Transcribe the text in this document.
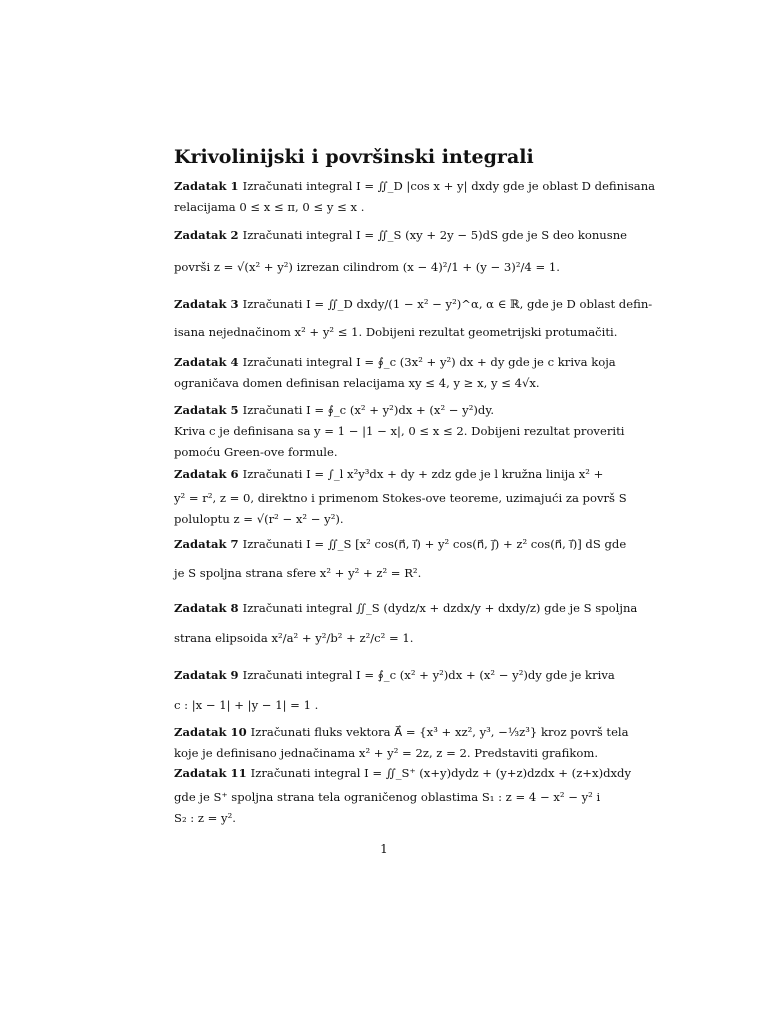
Krivolinijski i površinski integrali
Zadatak 1 Izračunati integral I = ∬_D |cos x + y| dxdy gde je oblast D definisana
relacijama 0 ≤ x ≤ π, 0 ≤ y ≤ x .
Zadatak 2 Izračunati integral I = ∬_S (xy + 2y − 5)dS gde je S deo konusne
površi z = √(x² + y²) izrezan cilindrom (x − 4)²/1 + (y − 3)²/4 = 1.
Zadatak 3 Izračunati I = ∬_D dxdy/(1 − x² − y²)^α, α ∈ ℝ, gde je D oblast defin-
isana nejednačinom x² + y² ≤ 1. Dobijeni rezultat geometrijski protumačiti.
Zadatak 4 Izračunati integral I = ∮_c (3x² + y²) dx + dy gde je c kriva koja
ograničava domen definisan relacijama xy ≤ 4, y ≥ x, y ≤ 4√x.
Zadatak 5 Izračunati I = ∮_c (x² + y²)dx + (x² − y²)dy.
Kriva c je definisana sa y = 1 − |1 − x|, 0 ≤ x ≤ 2. Dobijeni rezultat proveriti
pomoću Green-ove formule.
Zadatak 6 Izračunati I = ∫_l x²y³dx + dy + zdz gde je l kružna linija x² +
y² = r², z = 0, direktno i primenom Stokes-ove teoreme, uzimajući za površ S
poluloptu z = √(r² − x² − y²).
Zadatak 7 Izračunati I = ∬_S [x² cos(n⃗, i⃗) + y² cos(n⃗, j⃗) + z² cos(n⃗, i⃗)] dS gde
je S spoljna strana sfere x² + y² + z² = R².
Zadatak 8 Izračunati integral ∬_S (dydz/x + dzdx/y + dxdy/z) gde je S spoljna
strana elipsoida x²/a² + y²/b² + z²/c² = 1.
Zadatak 9 Izračunati integral I = ∮_c (x² + y²)dx + (x² − y²)dy gde je kriva
c : |x − 1| + |y − 1| = 1 .
Zadatak 10 Izračunati fluks vektora A⃗ = {x³ + xz², y³, −⅓z³} kroz površ tela
koje je definisano jednačinama x² + y² = 2z, z = 2. Predstaviti grafikom.
Zadatak 11 Izračunati integral I = ∬_S⁺ (x+y)dydz + (y+z)dzdx + (z+x)dxdy
gde je S⁺ spoljna strana tela ograničenog oblastima S₁ : z = 4 − x² − y² i
S₂ : z = y².
1
